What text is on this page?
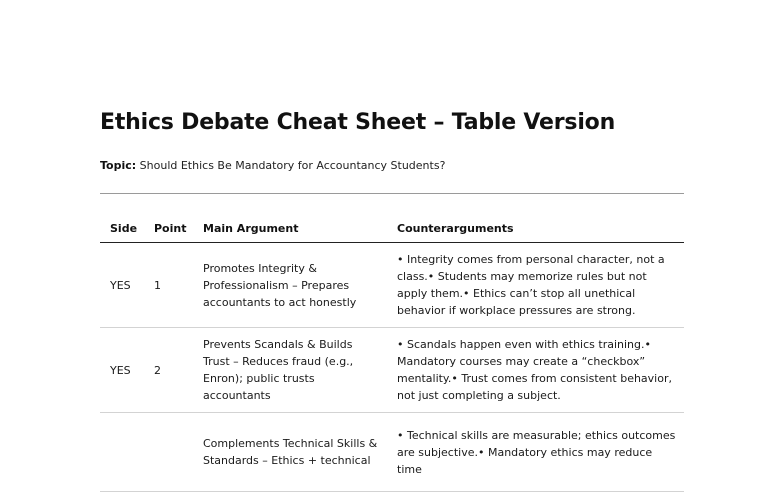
Ethics Debate Cheat Sheet – Table Version

Topic: Should Ethics Be Mandatory for Accountancy Students?

Side	Point	Main Argument	Counterarguments
YES	1	Promotes Integrity & Professionalism – Prepares accountants to act honestly	• Integrity comes from personal character, not a class.• Students may memorize rules but not apply them.• Ethics can’t stop all unethical behavior if workplace pressures are strong.
YES	2	Prevents Scandals & Builds Trust – Reduces fraud (e.g., Enron); public trusts accountants	• Scandals happen even with ethics training.• Mandatory courses may create a “checkbox” mentality.• Trust comes from consistent behavior, not just completing a subject.
		Complements Technical Skills & Standards – Ethics + technical	• Technical skills are measurable; ethics outcomes are subjective.• Mandatory ethics may reduce time
